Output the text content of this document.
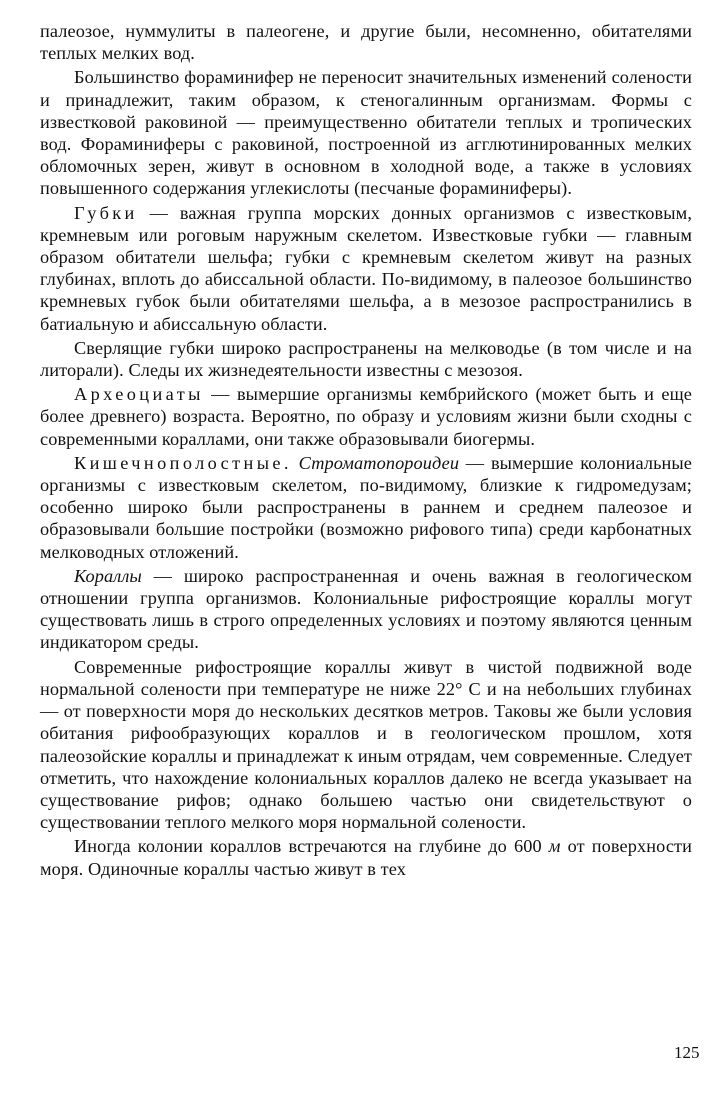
палеозое, нуммулиты в палеогене, и другие были, несомненно, обитателями теплых мелких вод.

Большинство фораминифер не переносит значительных изменений солености и принадлежит, таким образом, к стеногалинным организмам. Формы с известковой раковиной — преимущественно обитатели теплых и тропических вод. Фораминиферы с раковиной, построенной из агглютинированных мелких обломочных зерен, живут в основном в холодной воде, а также в условиях повышенного содержания углекислоты (песчаные фораминиферы).

Губки — важная группа морских донных организмов с известковым, кремневым или роговым наружным скелетом. Известковые губки — главным образом обитатели шельфа; губки с кремневым скелетом живут на разных глубинах, вплоть до абиссальной области. По-видимому, в палеозое большинство кремневых губок были обитателями шельфа, а в мезозое распространились в батиальную и абиссальную области.

Сверлящие губки широко распространены на мелководье (в том числе и на литорали). Следы их жизнедеятельности известны с мезозоя.

Археоциаты — вымершие организмы кембрийского (может быть и еще более древнего) возраста. Вероятно, по образу и условиям жизни были сходны с современными кораллами, они также образовывали биогермы.

Кишечнополостные. Строматопороидеи — вымершие колониальные организмы с известковым скелетом, по-видимому, близкие к гидромедузам; особенно широко были распространены в раннем и среднем палеозое и образовывали большие постройки (возможно рифового типа) среди карбонатных мелководных отложений.

Кораллы — широко распространенная и очень важная в геологическом отношении группа организмов. Колониальные рифостроящие кораллы могут существовать лишь в строго определенных условиях и поэтому являются ценным индикатором среды.

Современные рифостроящие кораллы живут в чистой подвижной воде нормальной солености при температуре не ниже 22° С и на небольших глубинах — от поверхности моря до нескольких десятков метров. Таковы же были условия обитания рифообразующих кораллов и в геологическом прошлом, хотя палеозойские кораллы и принадлежат к иным отрядам, чем современные. Следует отметить, что нахождение колониальных кораллов далеко не всегда указывает на существование рифов; однако большею частью они свидетельствуют о существовании теплого мелкого моря нормальной солености.

Иногда колонии кораллов встречаются на глубине до 600 м от поверхности моря. Одиночные кораллы частью живут в тех

125
